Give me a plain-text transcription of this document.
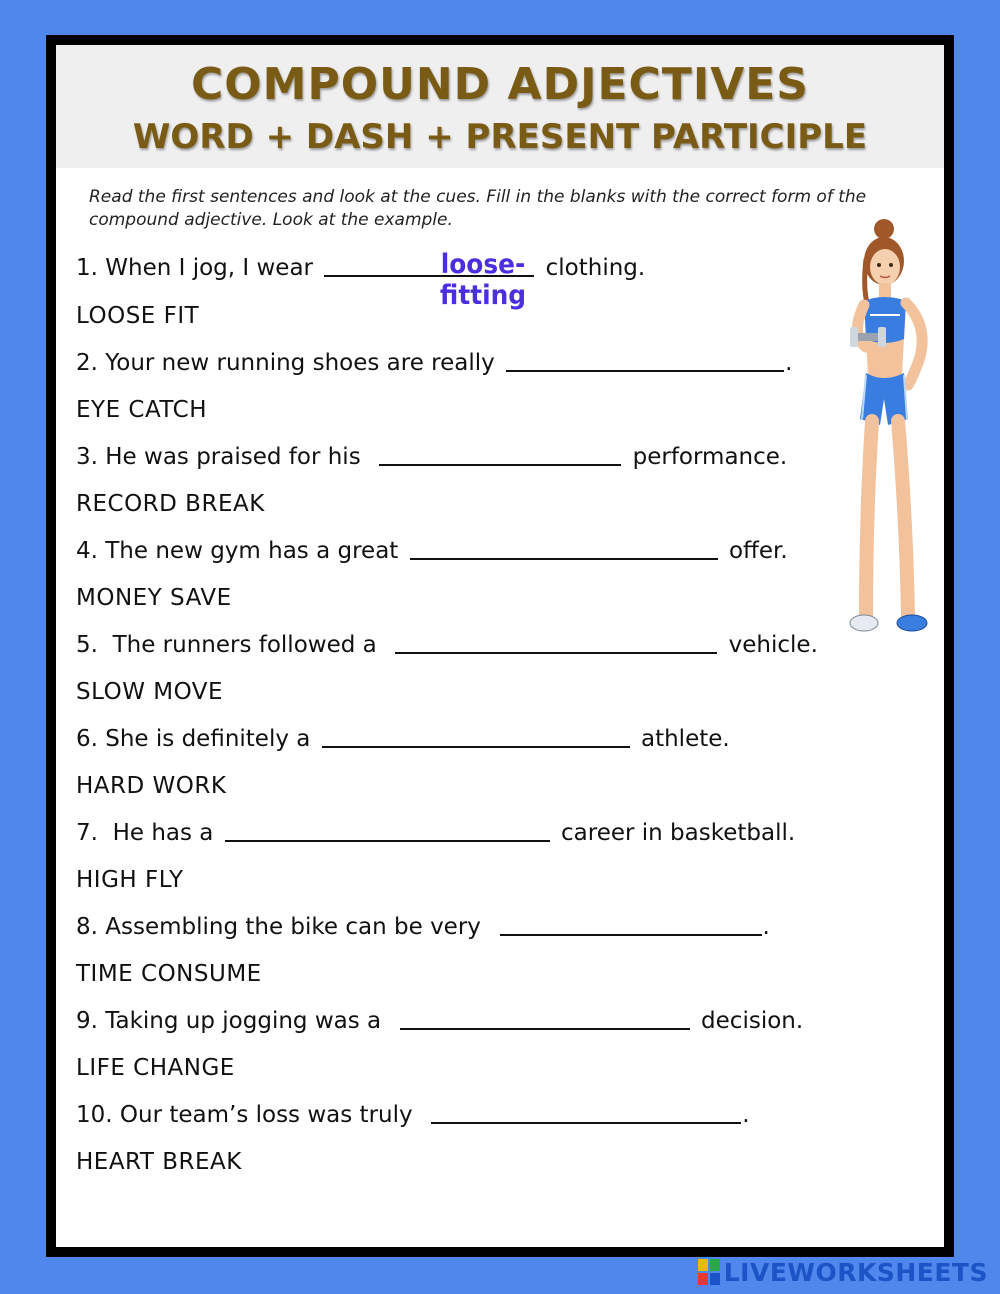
COMPOUND ADJECTIVES
WORD + DASH + PRESENT PARTICIPLE
Read the first sentences and look at the cues. Fill in the blanks with the correct form of the compound adjective. Look at the example.
1. When I jog, I wear	clothing.
loose-fitting
LOOSE FIT
2. Your new running shoes are really	.
EYE CATCH
3. He was praised for his	performance.
RECORD BREAK
4. The new gym has a great	offer.
MONEY SAVE
5.  The runners followed a	vehicle.
SLOW MOVE
6. She is definitely a	athlete.
HARD WORK
7.  He has a	career in basketball.
HIGH FLY
8. Assembling the bike can be very	.
TIME CONSUME
9. Taking up jogging was a	decision.
LIFE CHANGE
10. Our team’s loss was truly	.
HEART BREAK
LIVEWORKSHEETS
